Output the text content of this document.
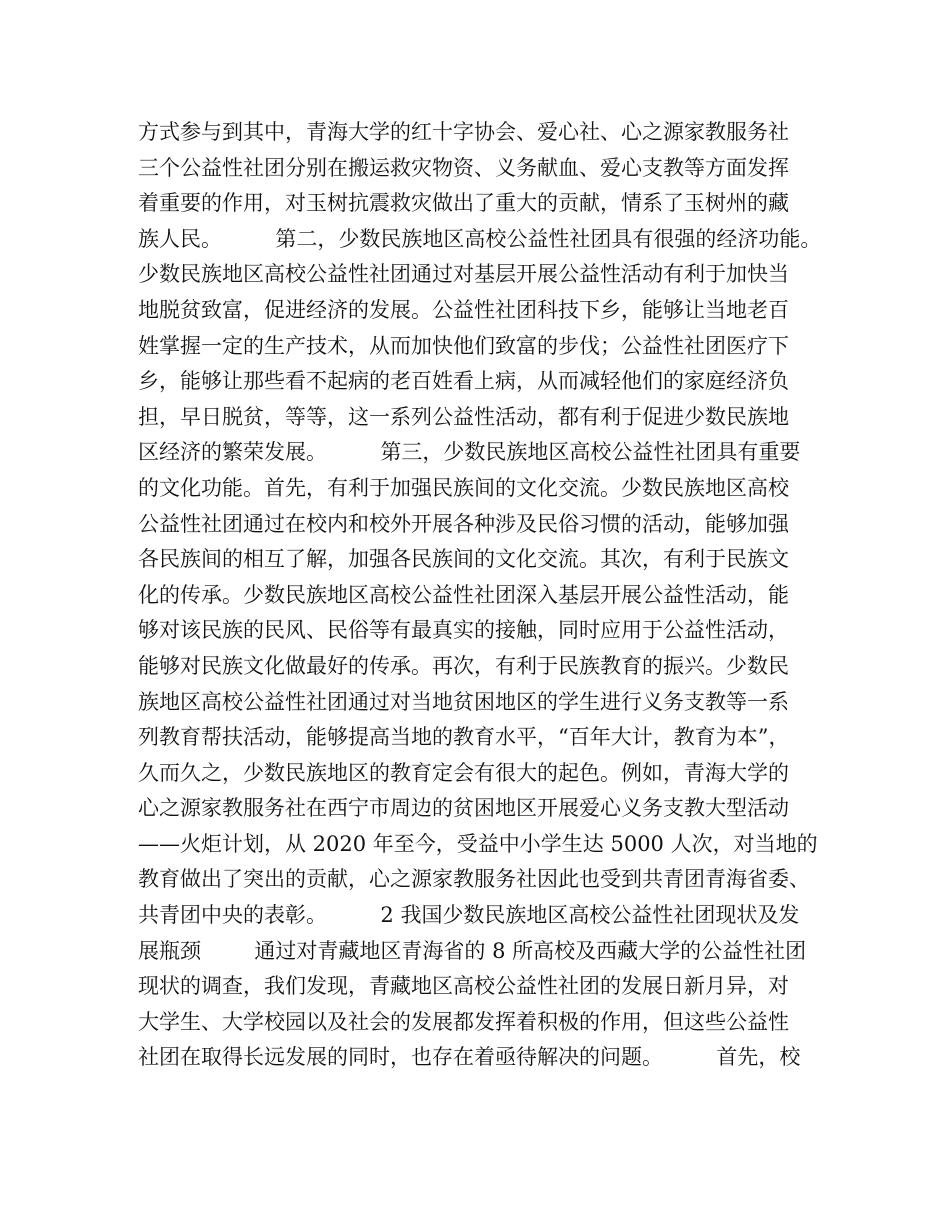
方式参与到其中，青海大学的红十字协会、爱心社、心之源家教服务社
三个公益性社团分别在搬运救灾物资、义务献血、爱心支教等方面发挥
着重要的作用，对玉树抗震救灾做出了重大的贡献，情系了玉树州的藏
族人民。        第二，少数民族地区高校公益性社团具有很强的经济功能。
少数民族地区高校公益性社团通过对基层开展公益性活动有利于加快当
地脱贫致富，促进经济的发展。公益性社团科技下乡，能够让当地老百
姓掌握一定的生产技术，从而加快他们致富的步伐；公益性社团医疗下
乡，能够让那些看不起病的老百姓看上病，从而减轻他们的家庭经济负
担，早日脱贫，等等，这一系列公益性活动，都有利于促进少数民族地
区经济的繁荣发展。        第三，少数民族地区高校公益性社团具有重要
的文化功能。首先，有利于加强民族间的文化交流。少数民族地区高校
公益性社团通过在校内和校外开展各种涉及民俗习惯的活动，能够加强
各民族间的相互了解，加强各民族间的文化交流。其次，有利于民族文
化的传承。少数民族地区高校公益性社团深入基层开展公益性活动，能
够对该民族的民风、民俗等有最真实的接触，同时应用于公益性活动，
能够对民族文化做最好的传承。再次，有利于民族教育的振兴。少数民
族地区高校公益性社团通过对当地贫困地区的学生进行义务支教等一系
列教育帮扶活动，能够提高当地的教育水平，“百年大计，教育为本”，
久而久之，少数民族地区的教育定会有很大的起色。例如，青海大学的
心之源家教服务社在西宁市周边的贫困地区开展爱心义务支教大型活动
——火炬计划，从 2020 年至今，受益中小学生达 5000 人次，对当地的
教育做出了突出的贡献，心之源家教服务社因此也受到共青团青海省委、
共青团中央的表彰。        2 我国少数民族地区高校公益性社团现状及发
展瓶颈        通过对青藏地区青海省的 8 所高校及西藏大学的公益性社团
现状的调查，我们发现，青藏地区高校公益性社团的发展日新月异，对
大学生、大学校园以及社会的发展都发挥着积极的作用，但这些公益性
社团在取得长远发展的同时，也存在着亟待解决的问题。        首先，校
